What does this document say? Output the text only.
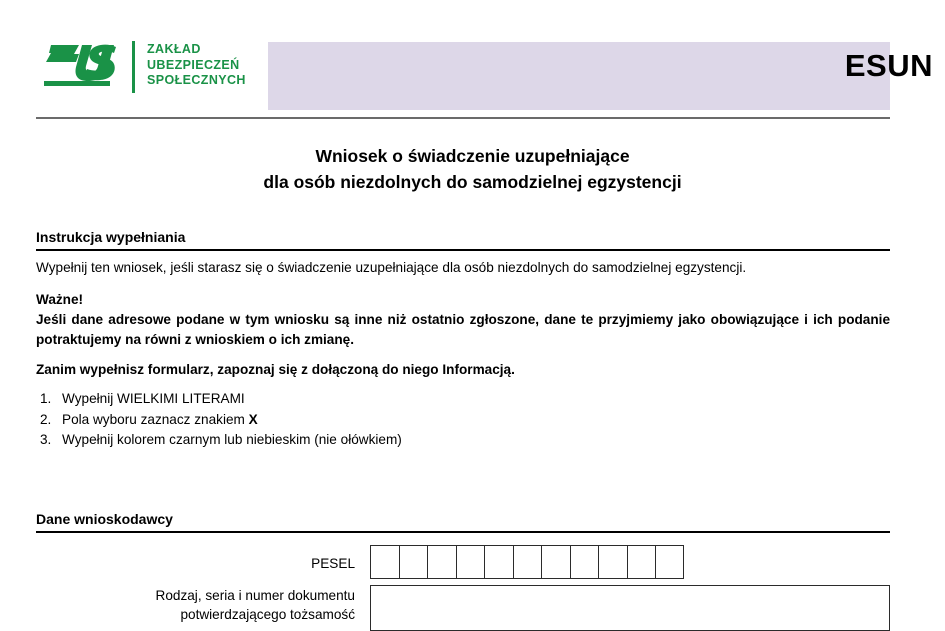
ZAKŁAD
UBEZPIECZEŃ
SPOŁECZNYCH	ESUN
Wniosek o świadczenie uzupełniające
dla osób niezdolnych do samodzielnej egzystencji
Instrukcja wypełniania
Wypełnij ten wniosek, jeśli starasz się o świadczenie uzupełniające dla osób niezdolnych do samodzielnej egzystencji.
Ważne!
Jeśli dane adresowe podane w tym wniosku są inne niż ostatnio zgłoszone, dane te przyjmiemy jako obowiązujące i ich podanie potraktujemy na równi z wnioskiem o ich zmianę.
Zanim wypełnisz formularz, zapoznaj się z dołączoną do niego Informacją.
1. Wypełnij WIELKIMI LITERAMI
2. Pola wyboru zaznacz znakiem X
3. Wypełnij kolorem czarnym lub niebieskim (nie ołówkiem)
Dane wnioskodawcy
PESEL
Rodzaj, seria i numer dokumentu
potwierdzającego tożsamość
